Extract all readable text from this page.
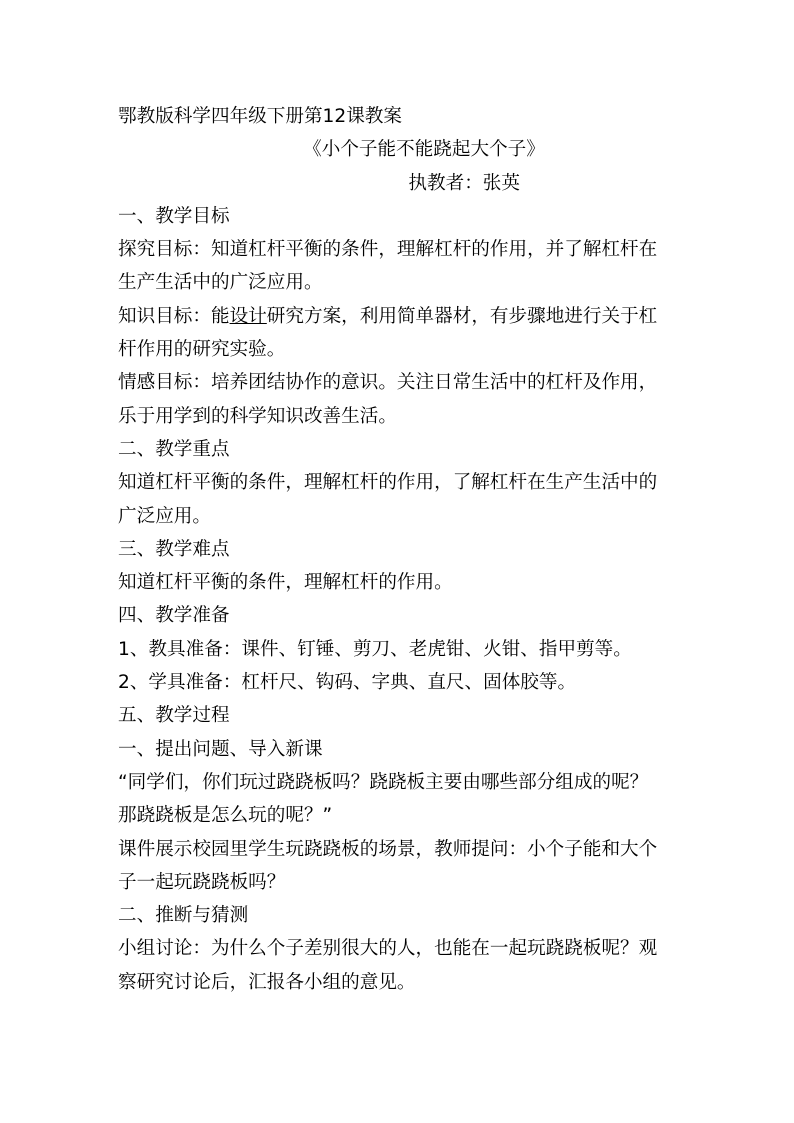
鄂教版科学四年级下册第12课教案
《小个子能不能跷起大个子》
执教者：张英
一、教学目标
探究目标：知道杠杆平衡的条件，理解杠杆的作用，并了解杠杆在
生产生活中的广泛应用。
知识目标：能设计研究方案，利用简单器材，有步骤地进行关于杠
杆作用的研究实验。
情感目标：培养团结协作的意识。关注日常生活中的杠杆及作用，
乐于用学到的科学知识改善生活。
二、教学重点
知道杠杆平衡的条件，理解杠杆的作用，了解杠杆在生产生活中的
广泛应用。
三、教学难点
知道杠杆平衡的条件，理解杠杆的作用。
四、教学准备
1、教具准备：课件、钉锤、剪刀、老虎钳、火钳、指甲剪等。
2、学具准备：杠杆尺、钩码、字典、直尺、固体胶等。
五、教学过程
一、提出问题、导入新课
“同学们，你们玩过跷跷板吗？跷跷板主要由哪些部分组成的呢？
那跷跷板是怎么玩的呢？”
课件展示校园里学生玩跷跷板的场景，教师提问：小个子能和大个
子一起玩跷跷板吗？
二、推断与猜测
小组讨论：为什么个子差别很大的人，也能在一起玩跷跷板呢？观
察研究讨论后，汇报各小组的意见。
